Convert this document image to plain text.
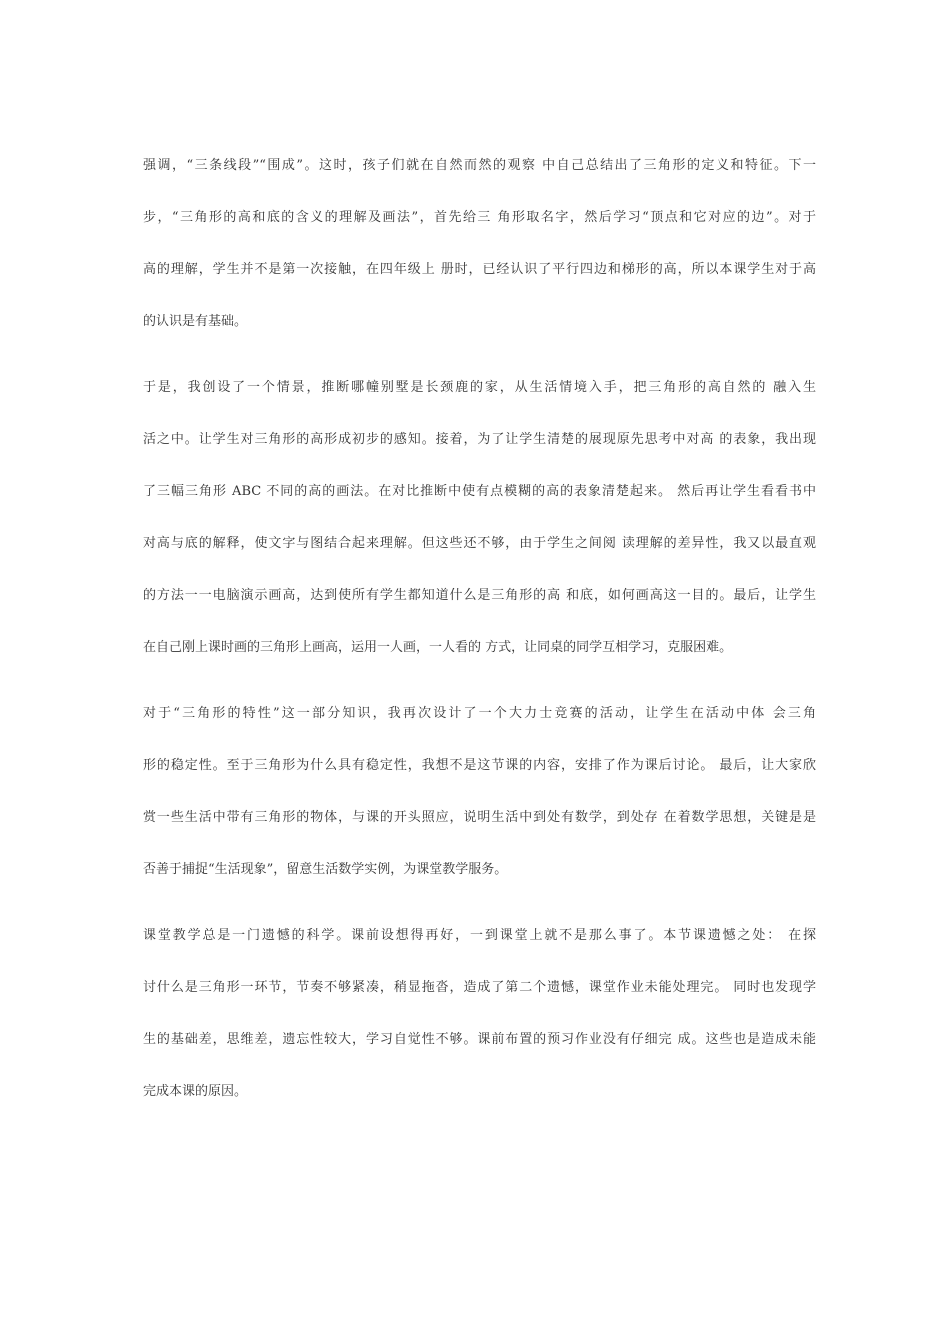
强调，“三条线段”“围成”。这时，孩子们就在自然而然的观察 中自己总结出了三角形的定义和特征。下一
步，“三角形的高和底的含义的理解及画法”，首先给三 角形取名字，然后学习“顶点和它对应的边”。对于
高的理解，学生并不是第一次接触，在四年级上 册时，已经认识了平行四边和梯形的高，所以本课学生对于高
的认识是有基础。
于是，我创设了一个情景，推断哪幢别墅是长颈鹿的家，从生活情境入手，把三角形的高自然的 融入生
活之中。让学生对三角形的高形成初步的感知。接着，为了让学生清楚的展现原先思考中对高 的表象，我出现
了三幅三角形 ABC 不同的高的画法。在对比推断中使有点模糊的高的表象清楚起来。 然后再让学生看看书中
对高与底的解释，使文字与图结合起来理解。但这些还不够，由于学生之间阅 读理解的差异性，我又以最直观
的方法一一电脑演示画高，达到使所有学生都知道什么是三角形的高 和底，如何画高这一目的。最后，让学生
在自己刚上课时画的三角形上画高，运用一人画，一人看的 方式，让同桌的同学互相学习，克服困难。
对于“三角形的特性”这一部分知识，我再次设计了一个大力士竞赛的活动，让学生在活动中体 会三角
形的稳定性。至于三角形为什么具有稳定性，我想不是这节课的内容，安排了作为课后讨论。 最后，让大家欣
赏一些生活中带有三角形的物体，与课的开头照应，说明生活中到处有数学，到处存 在着数学思想，关键是是
否善于捕捉“生活现象”，留意生活数学实例，为课堂教学服务。
课堂教学总是一门遗憾的科学。课前设想得再好，一到课堂上就不是那么事了。本节课遗憾之处： 在探
讨什么是三角形一环节，节奏不够紧凑，稍显拖沓，造成了第二个遗憾，课堂作业未能处理完。 同时也发现学
生的基础差，思维差，遗忘性较大，学习自觉性不够。课前布置的预习作业没有仔细完 成。这些也是造成未能
完成本课的原因。
